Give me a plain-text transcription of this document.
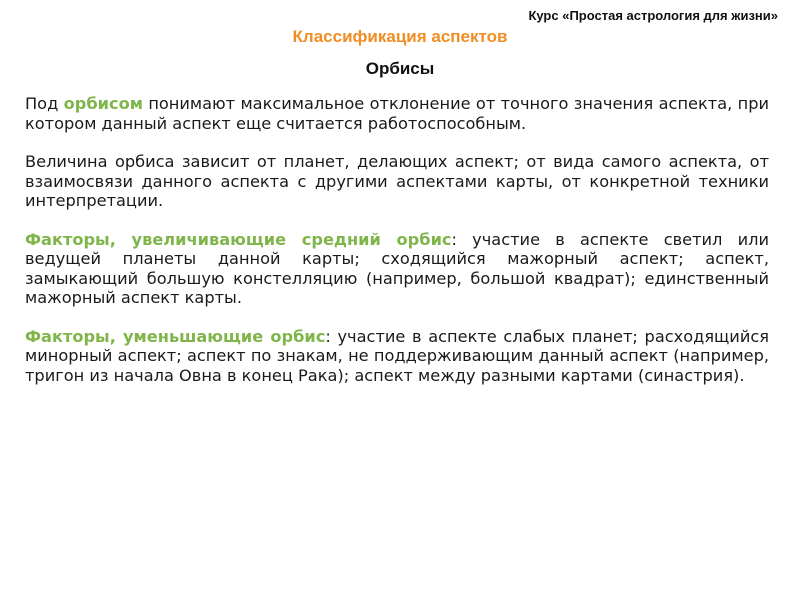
Курс «Простая астрология для жизни»
Классификация аспектов
Орбисы

Под орбисом понимают максимальное отклонение от точного значения аспекта, при котором данный аспект еще считается работоспособным.

Величина орбиса зависит от планет, делающих аспект; от вида самого аспекта, от взаимосвязи данного аспекта с другими аспектами карты, от конкретной техники интерпретации.

Факторы, увеличивающие средний орбис: участие в аспекте светил или ведущей планеты данной карты; сходящийся мажорный аспект; аспект, замыкающий большую констелляцию (например, большой квадрат); единственный мажорный аспект карты.

Факторы, уменьшающие орбис: участие в аспекте слабых планет; расходящийся минорный аспект; аспект по знакам, не поддерживающим данный аспект (например, тригон из начала Овна в конец Рака); аспект между разными картами (синастрия).
